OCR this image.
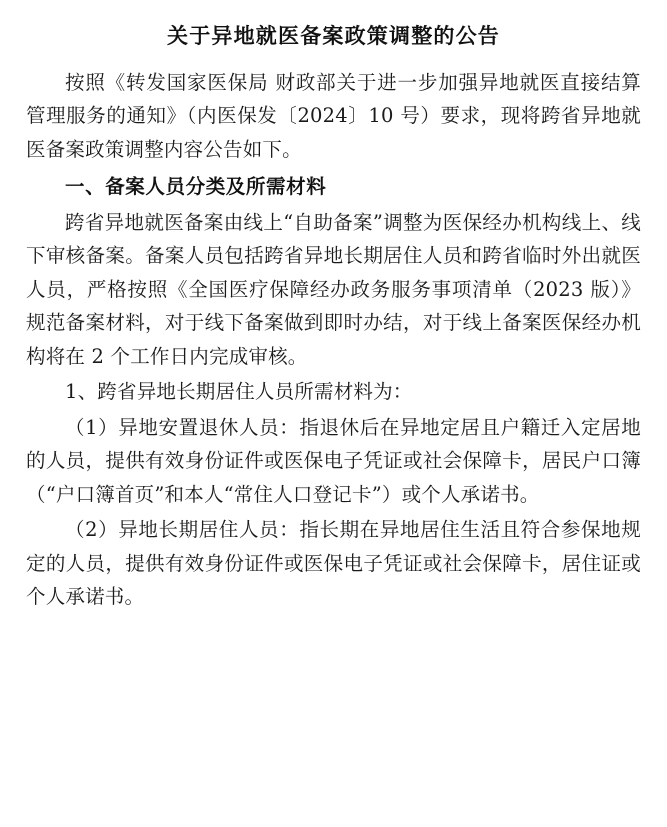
关于异地就医备案政策调整的公告

按照《转发国家医保局 财政部关于进一步加强异地就医直接结算管理服务的通知》（内医保发〔2024〕10 号）要求，现将跨省异地就医备案政策调整内容公告如下。

一、备案人员分类及所需材料

跨省异地就医备案由线上“自助备案”调整为医保经办机构线上、线下审核备案。备案人员包括跨省异地长期居住人员和跨省临时外出就医人员，严格按照《全国医疗保障经办政务服务事项清单（2023 版）》规范备案材料，对于线下备案做到即时办结，对于线上备案医保经办机构将在 2 个工作日内完成审核。

1、跨省异地长期居住人员所需材料为：

（1）异地安置退休人员：指退休后在异地定居且户籍迁入定居地的人员，提供有效身份证件或医保电子凭证或社会保障卡，居民户口簿（“户口簿首页”和本人“常住人口登记卡”）或个人承诺书。

（2）异地长期居住人员：指长期在异地居住生活且符合参保地规定的人员，提供有效身份证件或医保电子凭证或社会保障卡，居住证或个人承诺书。
